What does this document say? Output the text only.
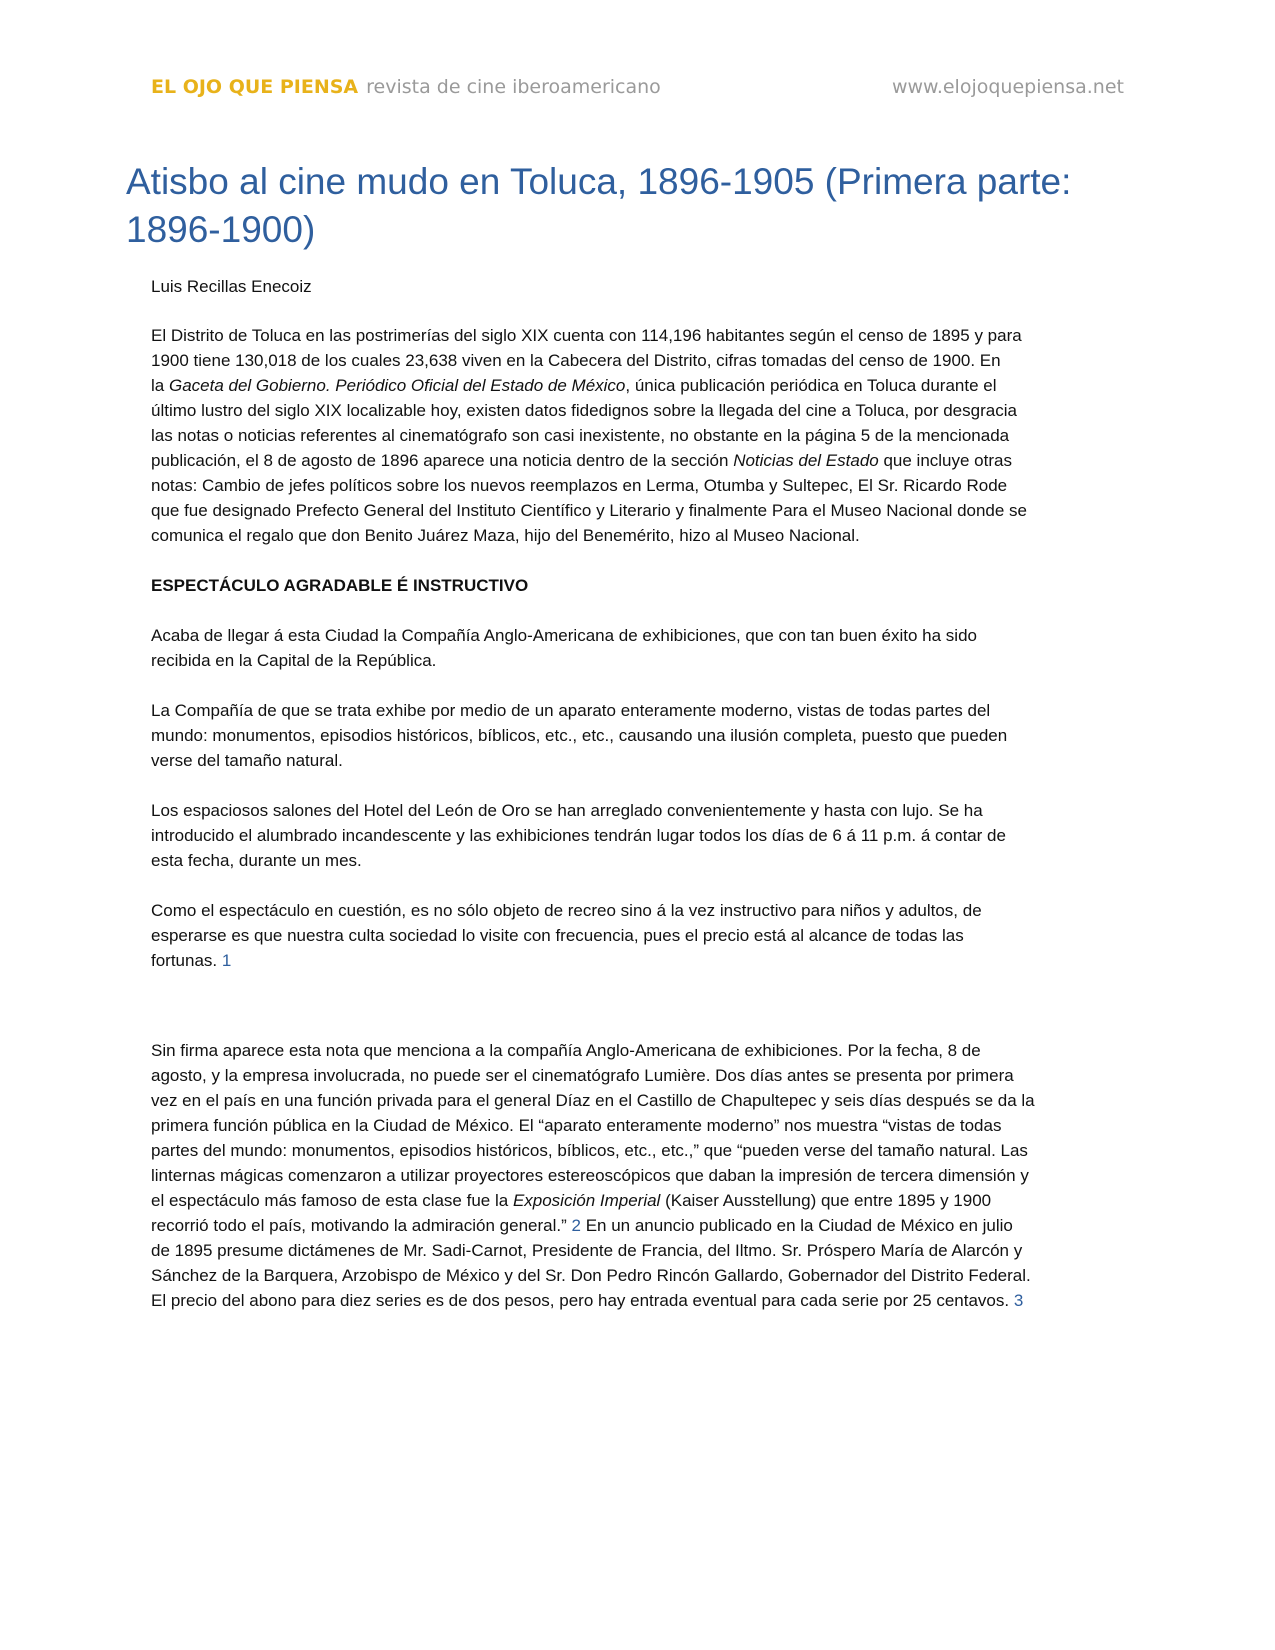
EL OJO QUE PIENSA revista de cine iberoamericano	www.elojoquepiensa.net
Atisbo al cine mudo en Toluca, 1896-1905 (Primera parte:
1896-1900)

Luis Recillas Enecoiz

El Distrito de Toluca en las postrimerías del siglo XIX cuenta con 114,196 habitantes según el censo de 1895 y para
1900 tiene 130,018 de los cuales 23,638 viven en la Cabecera del Distrito, cifras tomadas del censo de 1900. En
la Gaceta del Gobierno. Periódico Oficial del Estado de México, única publicación periódica en Toluca durante el
último lustro del siglo XIX localizable hoy, existen datos fidedignos sobre la llegada del cine a Toluca, por desgracia
las notas o noticias referentes al cinematógrafo son casi inexistente, no obstante en la página 5 de la mencionada
publicación, el 8 de agosto de 1896 aparece una noticia dentro de la sección Noticias del Estado que incluye otras
notas: Cambio de jefes políticos sobre los nuevos reemplazos en Lerma, Otumba y Sultepec, El Sr. Ricardo Rode
que fue designado Prefecto General del Instituto Científico y Literario y finalmente Para el Museo Nacional donde se
comunica el regalo que don Benito Juárez Maza, hijo del Benemérito, hizo al Museo Nacional.

ESPECTÁCULO AGRADABLE É INSTRUCTIVO

Acaba de llegar á esta Ciudad la Compañía Anglo-Americana de exhibiciones, que con tan buen éxito ha sido
recibida en la Capital de la República.

La Compañía de que se trata exhibe por medio de un aparato enteramente moderno, vistas de todas partes del
mundo: monumentos, episodios históricos, bíblicos, etc., etc., causando una ilusión completa, puesto que pueden
verse del tamaño natural.

Los espaciosos salones del Hotel del León de Oro se han arreglado convenientemente y hasta con lujo. Se ha
introducido el alumbrado incandescente y las exhibiciones tendrán lugar todos los días de 6 á 11 p.m. á contar de
esta fecha, durante un mes.

Como el espectáculo en cuestión, es no sólo objeto de recreo sino á la vez instructivo para niños y adultos, de
esperarse es que nuestra culta sociedad lo visite con frecuencia, pues el precio está al alcance de todas las
fortunas. 1

Sin firma aparece esta nota que menciona a la compañía Anglo-Americana de exhibiciones. Por la fecha, 8 de
agosto, y la empresa involucrada, no puede ser el cinematógrafo Lumière. Dos días antes se presenta por primera
vez en el país en una función privada para el general Díaz en el Castillo de Chapultepec y seis días después se da la
primera función pública en la Ciudad de México. El “aparato enteramente moderno” nos muestra “vistas de todas
partes del mundo: monumentos, episodios históricos, bíblicos, etc., etc.,” que “pueden verse del tamaño natural. Las
linternas mágicas comenzaron a utilizar proyectores estereoscópicos que daban la impresión de tercera dimensión y
el espectáculo más famoso de esta clase fue la Exposición Imperial (Kaiser Ausstellung) que entre 1895 y 1900
recorrió todo el país, motivando la admiración general.” 2 En un anuncio publicado en la Ciudad de México en julio
de 1895 presume dictámenes de Mr. Sadi-Carnot, Presidente de Francia, del Iltmo. Sr. Próspero María de Alarcón y
Sánchez de la Barquera, Arzobispo de México y del Sr. Don Pedro Rincón Gallardo, Gobernador del Distrito Federal.
El precio del abono para diez series es de dos pesos, pero hay entrada eventual para cada serie por 25 centavos. 3
